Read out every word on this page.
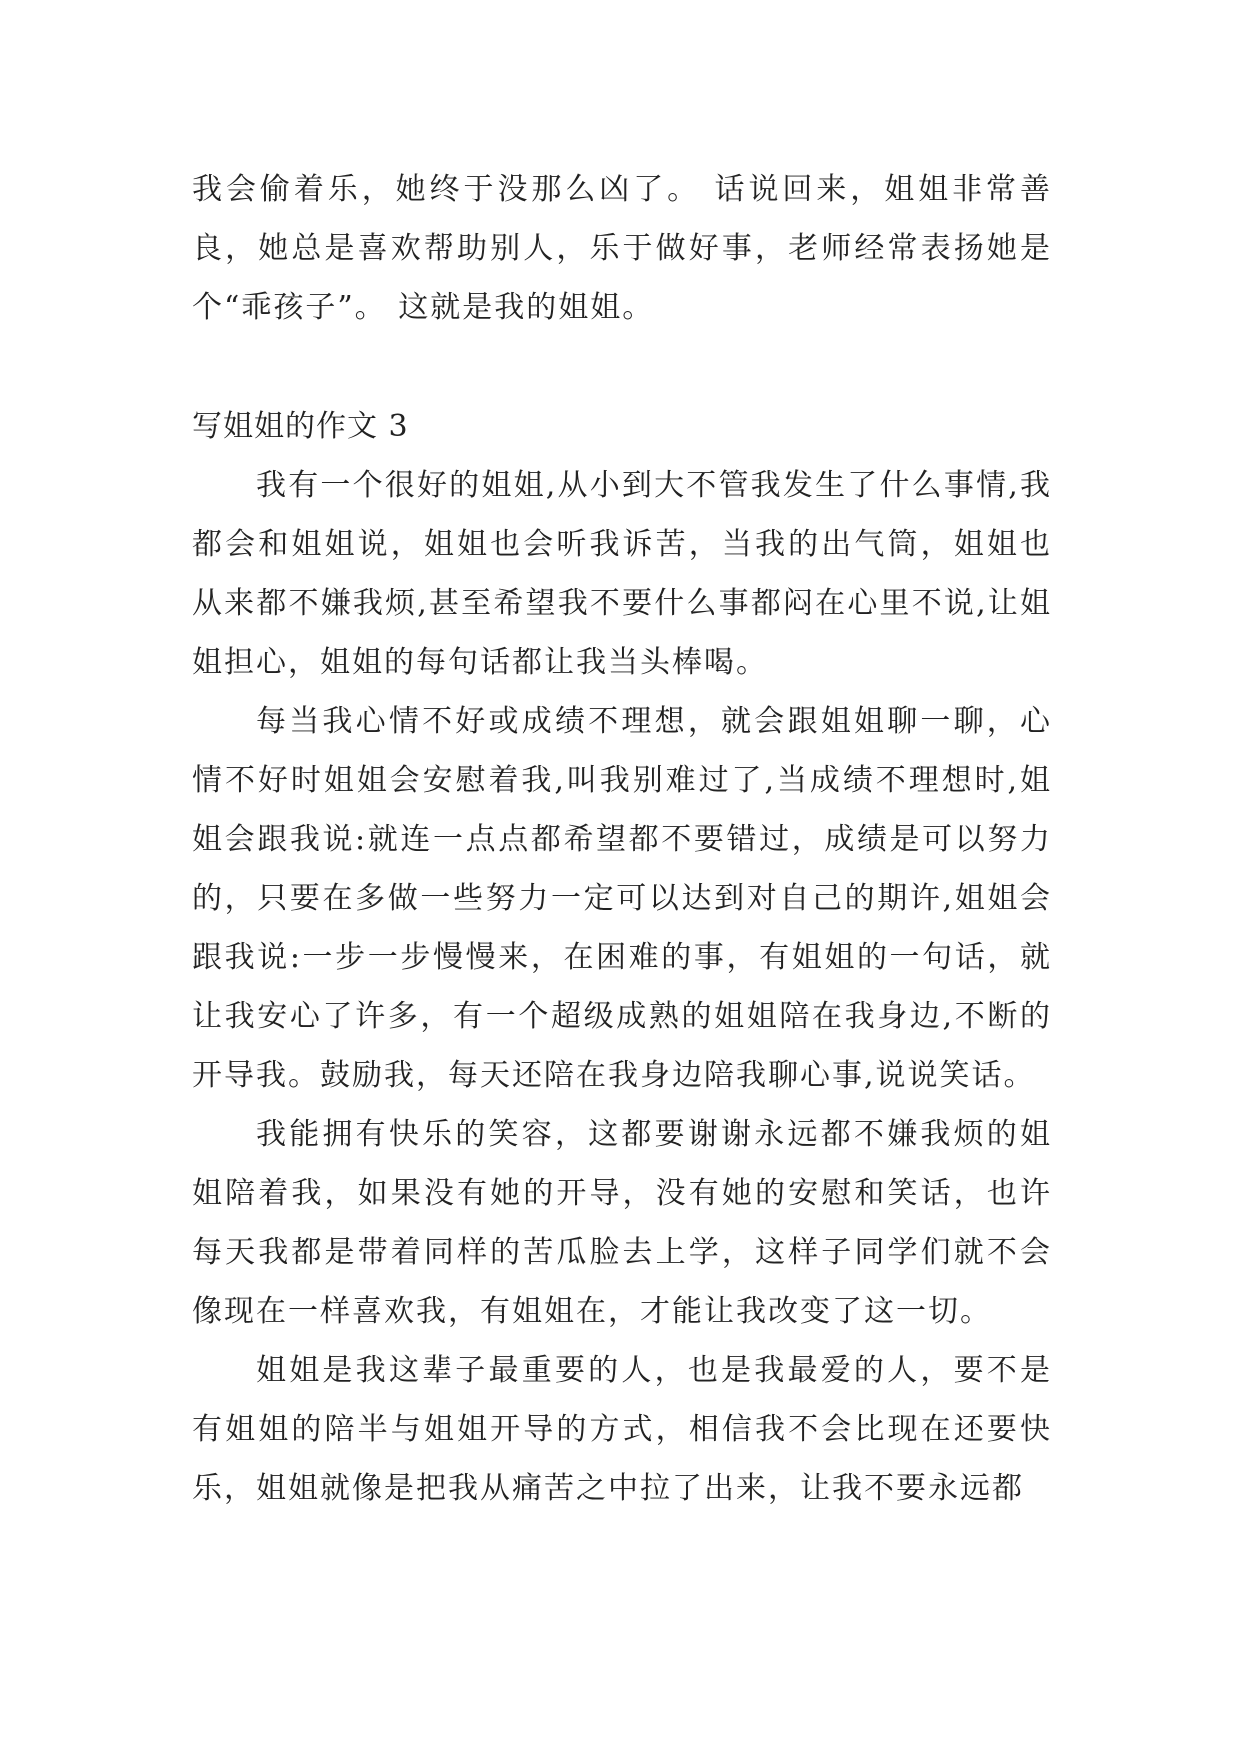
我会偷着乐，她终于没那么凶了。 话说回来，姐姐非常善良，她总是喜欢帮助别人，乐于做好事，老师经常表扬她是个“乖孩子”。 这就是我的姐姐。

写姐姐的作文 3

我有一个很好的姐姐,从小到大不管我发生了什么事情,我都会和姐姐说，姐姐也会听我诉苦，当我的出气筒，姐姐也从来都不嫌我烦,甚至希望我不要什么事都闷在心里不说,让姐姐担心，姐姐的每句话都让我当头棒喝。

每当我心情不好或成绩不理想，就会跟姐姐聊一聊，心情不好时姐姐会安慰着我,叫我别难过了,当成绩不理想时,姐姐会跟我说:就连一点点都希望都不要错过，成绩是可以努力的，只要在多做一些努力一定可以达到对自己的期许,姐姐会跟我说:一步一步慢慢来，在困难的事，有姐姐的一句话，就让我安心了许多，有一个超级成熟的姐姐陪在我身边,不断的开导我。鼓励我，每天还陪在我身边陪我聊心事,说说笑话。

我能拥有快乐的笑容，这都要谢谢永远都不嫌我烦的姐姐陪着我，如果没有她的开导，没有她的安慰和笑话，也许每天我都是带着同样的苦瓜脸去上学，这样子同学们就不会像现在一样喜欢我，有姐姐在，才能让我改变了这一切。

姐姐是我这辈子最重要的人，也是我最爱的人，要不是有姐姐的陪半与姐姐开导的方式，相信我不会比现在还要快乐，姐姐就像是把我从痛苦之中拉了出来，让我不要永远都
